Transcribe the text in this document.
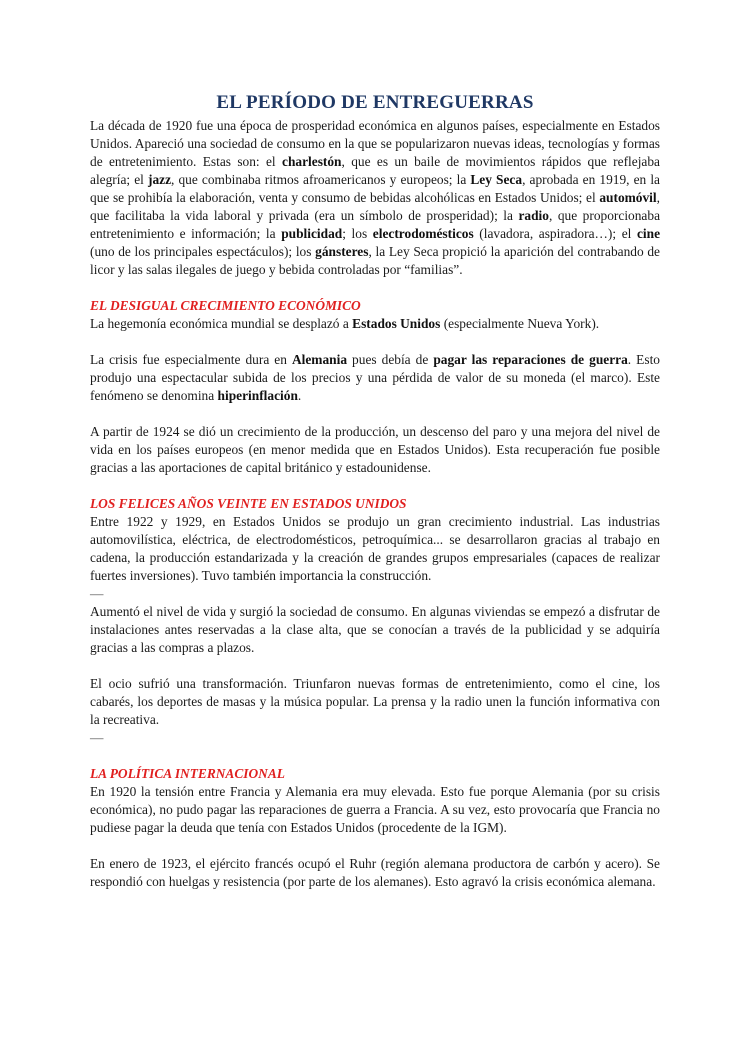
EL PERÍODO DE ENTREGUERRAS

La década de 1920 fue una época de prosperidad económica en algunos países, especialmente en Estados Unidos. Apareció una sociedad de consumo en la que se popularizaron nuevas ideas, tecnologías y formas de entretenimiento. Estas son: el charlestón, que es un baile de movimientos rápidos que reflejaba alegría; el jazz, que combinaba ritmos afroamericanos y europeos; la Ley Seca, aprobada en 1919, en la que se prohibía la elaboración, venta y consumo de bebidas alcohólicas en Estados Unidos; el automóvil, que facilitaba la vida laboral y privada (era un símbolo de prosperidad); la radio, que proporcionaba entretenimiento e información; la publicidad; los electrodomésticos (lavadora, aspiradora…); el cine (uno de los principales espectáculos); los gánsteres, la Ley Seca propició la aparición del contrabando de licor y las salas ilegales de juego y bebida controladas por “familias”.

EL DESIGUAL CRECIMIENTO ECONÓMICO

La hegemonía económica mundial se desplazó a Estados Unidos (especialmente Nueva York).

La crisis fue especialmente dura en Alemania pues debía de pagar las reparaciones de guerra. Esto produjo una espectacular subida de los precios y una pérdida de valor de su moneda (el marco). Este fenómeno se denomina hiperinflación.

A partir de 1924 se dió un crecimiento de la producción, un descenso del paro y una mejora del nivel de vida en los países europeos (en menor medida que en Estados Unidos). Esta recuperación fue posible gracias a las aportaciones de capital británico y estadounidense.

LOS FELICES AÑOS VEINTE EN ESTADOS UNIDOS

Entre 1922 y 1929, en Estados Unidos se produjo un gran crecimiento industrial. Las industrias automovilística, eléctrica, de electrodomésticos, petroquímica... se desarrollaron gracias al trabajo en cadena, la producción estandarizada y la creación de grandes grupos empresariales (capaces de realizar fuertes inversiones). Tuvo también importancia la construcción.

—

Aumentó el nivel de vida y surgió la sociedad de consumo. En algunas viviendas se empezó a disfrutar de instalaciones antes reservadas a la clase alta, que se conocían a través de la publicidad y se adquiría gracias a las compras a plazos.

El ocio sufrió una transformación. Triunfaron nuevas formas de entretenimiento, como el cine, los cabarés, los deportes de masas y la música popular. La prensa y la radio unen la función informativa con la recreativa.

—
LA POLÍTICA INTERNACIONAL

En 1920 la tensión entre Francia y Alemania era muy elevada. Esto fue porque Alemania (por su crisis económica), no pudo pagar las reparaciones de guerra a Francia. A su vez, esto provocaría que Francia no pudiese pagar la deuda que tenía con Estados Unidos (procedente de la IGM).

En enero de 1923, el ejército francés ocupó el Ruhr (región alemana productora de carbón y acero). Se respondió con huelgas y resistencia (por parte de los alemanes). Esto agravó la crisis económica alemana.
